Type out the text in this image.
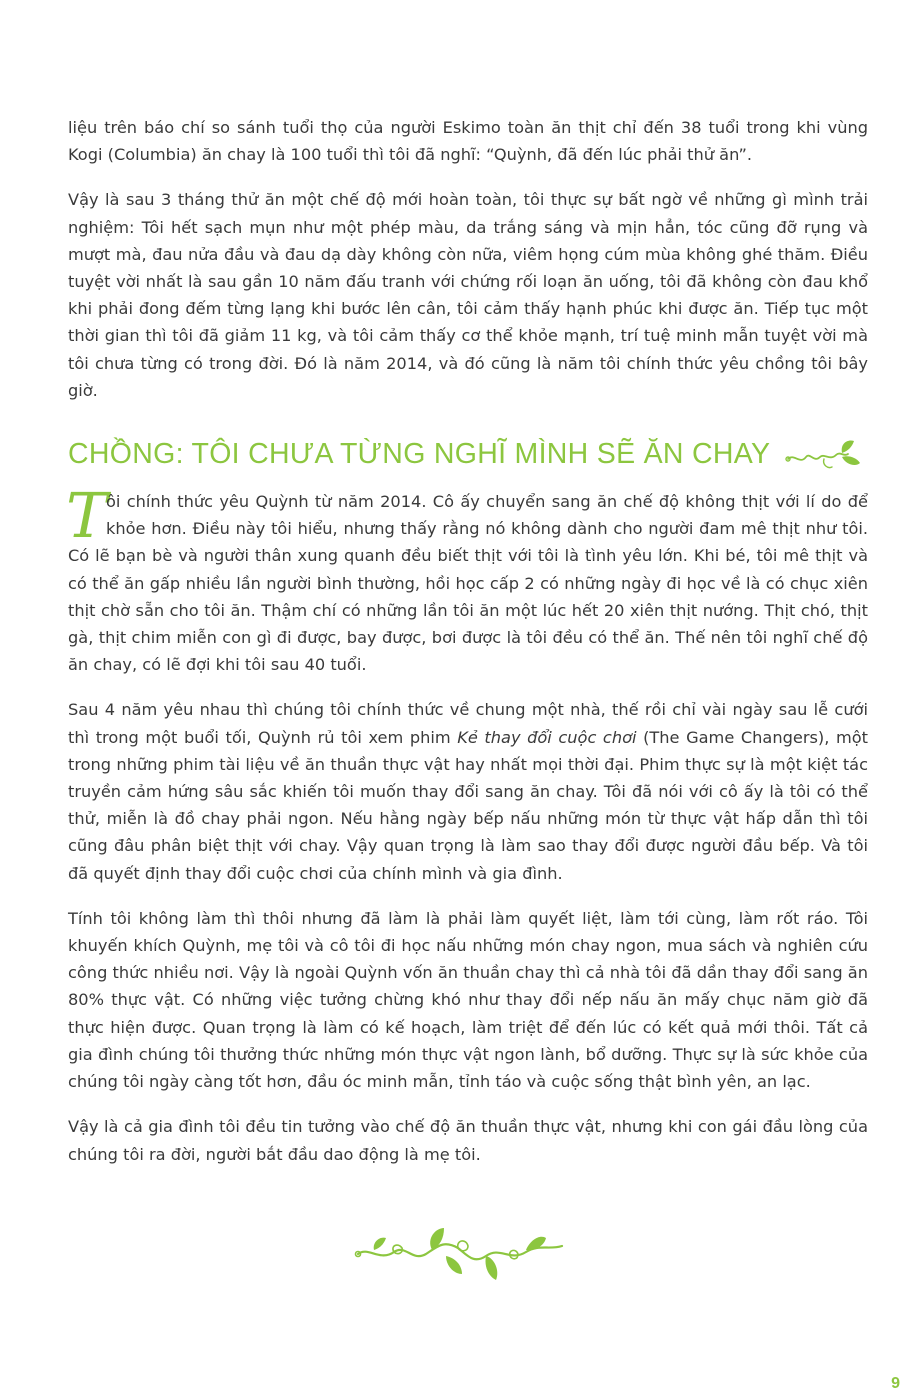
liệu trên báo chí so sánh tuổi thọ của người Eskimo toàn ăn thịt chỉ đến 38 tuổi trong khi vùng Kogi (Columbia) ăn chay là 100 tuổi thì tôi đã nghĩ: “Quỳnh, đã đến lúc phải thử ăn”.

Vậy là sau 3 tháng thử ăn một chế độ mới hoàn toàn, tôi thực sự bất ngờ về những gì mình trải nghiệm: Tôi hết sạch mụn như một phép màu, da trắng sáng và mịn hẳn, tóc cũng đỡ rụng và mượt mà, đau nửa đầu và đau dạ dày không còn nữa, viêm họng cúm mùa không ghé thăm. Điều tuyệt vời nhất là sau gần 10 năm đấu tranh với chứng rối loạn ăn uống, tôi đã không còn đau khổ khi phải đong đếm từng lạng khi bước lên cân, tôi cảm thấy hạnh phúc khi được ăn. Tiếp tục một thời gian thì tôi đã giảm 11 kg, và tôi cảm thấy cơ thể khỏe mạnh, trí tuệ minh mẫn tuyệt vời mà tôi chưa từng có trong đời. Đó là năm 2014, và đó cũng là năm tôi chính thức yêu chồng tôi bây giờ.

CHỒNG: TÔI CHƯA TỪNG NGHĨ MÌNH SẼ ĂN CHAY

T
ôi chính thức yêu Quỳnh từ năm 2014. Cô ấy chuyển sang ăn chế độ không thịt với lí do để khỏe hơn. Điều này tôi hiểu, nhưng thấy rằng nó không dành cho người đam mê thịt như tôi. Có lẽ bạn bè và người thân xung quanh đều biết thịt với tôi là tình yêu lớn. Khi bé, tôi mê thịt và có thể ăn gấp nhiều lần người bình thường, hồi học cấp 2 có những ngày đi học về là có chục xiên thịt chờ sẵn cho tôi ăn. Thậm chí có những lần tôi ăn một lúc hết 20 xiên thịt nướng. Thịt chó, thịt gà, thịt chim miễn con gì đi được, bay được, bơi được là tôi đều có thể ăn. Thế nên tôi nghĩ chế độ ăn chay, có lẽ đợi khi tôi sau 40 tuổi.

Sau 4 năm yêu nhau thì chúng tôi chính thức về chung một nhà, thế rồi chỉ vài ngày sau lễ cưới thì trong một buổi tối, Quỳnh rủ tôi xem phim Kẻ thay đổi cuộc chơi (The Game Changers), một trong những phim tài liệu về ăn thuần thực vật hay nhất mọi thời đại. Phim thực sự là một kiệt tác truyền cảm hứng sâu sắc khiến tôi muốn thay đổi sang ăn chay. Tôi đã nói với cô ấy là tôi có thể thử, miễn là đồ chay phải ngon. Nếu hằng ngày bếp nấu những món từ thực vật hấp dẫn thì tôi cũng đâu phân biệt thịt với chay. Vậy quan trọng là làm sao thay đổi được người đầu bếp. Và tôi đã quyết định thay đổi cuộc chơi của chính mình và gia đình.

Tính tôi không làm thì thôi nhưng đã làm là phải làm quyết liệt, làm tới cùng, làm rốt ráo. Tôi khuyến khích Quỳnh, mẹ tôi và cô tôi đi học nấu những món chay ngon, mua sách và nghiên cứu công thức nhiều nơi. Vậy là ngoài Quỳnh vốn ăn thuần chay thì cả nhà tôi đã dần thay đổi sang ăn 80% thực vật. Có những việc tưởng chừng khó như thay đổi nếp nấu ăn mấy chục năm giờ đã thực hiện được. Quan trọng là làm có kế hoạch, làm triệt để đến lúc có kết quả mới thôi. Tất cả gia đình chúng tôi thưởng thức những món thực vật ngon lành, bổ dưỡng. Thực sự là sức khỏe của chúng tôi ngày càng tốt hơn, đầu óc minh mẫn, tỉnh táo và cuộc sống thật bình yên, an lạc.

Vậy là cả gia đình tôi đều tin tưởng vào chế độ ăn thuần thực vật, nhưng khi con gái đầu lòng của chúng tôi ra đời, người bắt đầu dao động là mẹ tôi.

9
